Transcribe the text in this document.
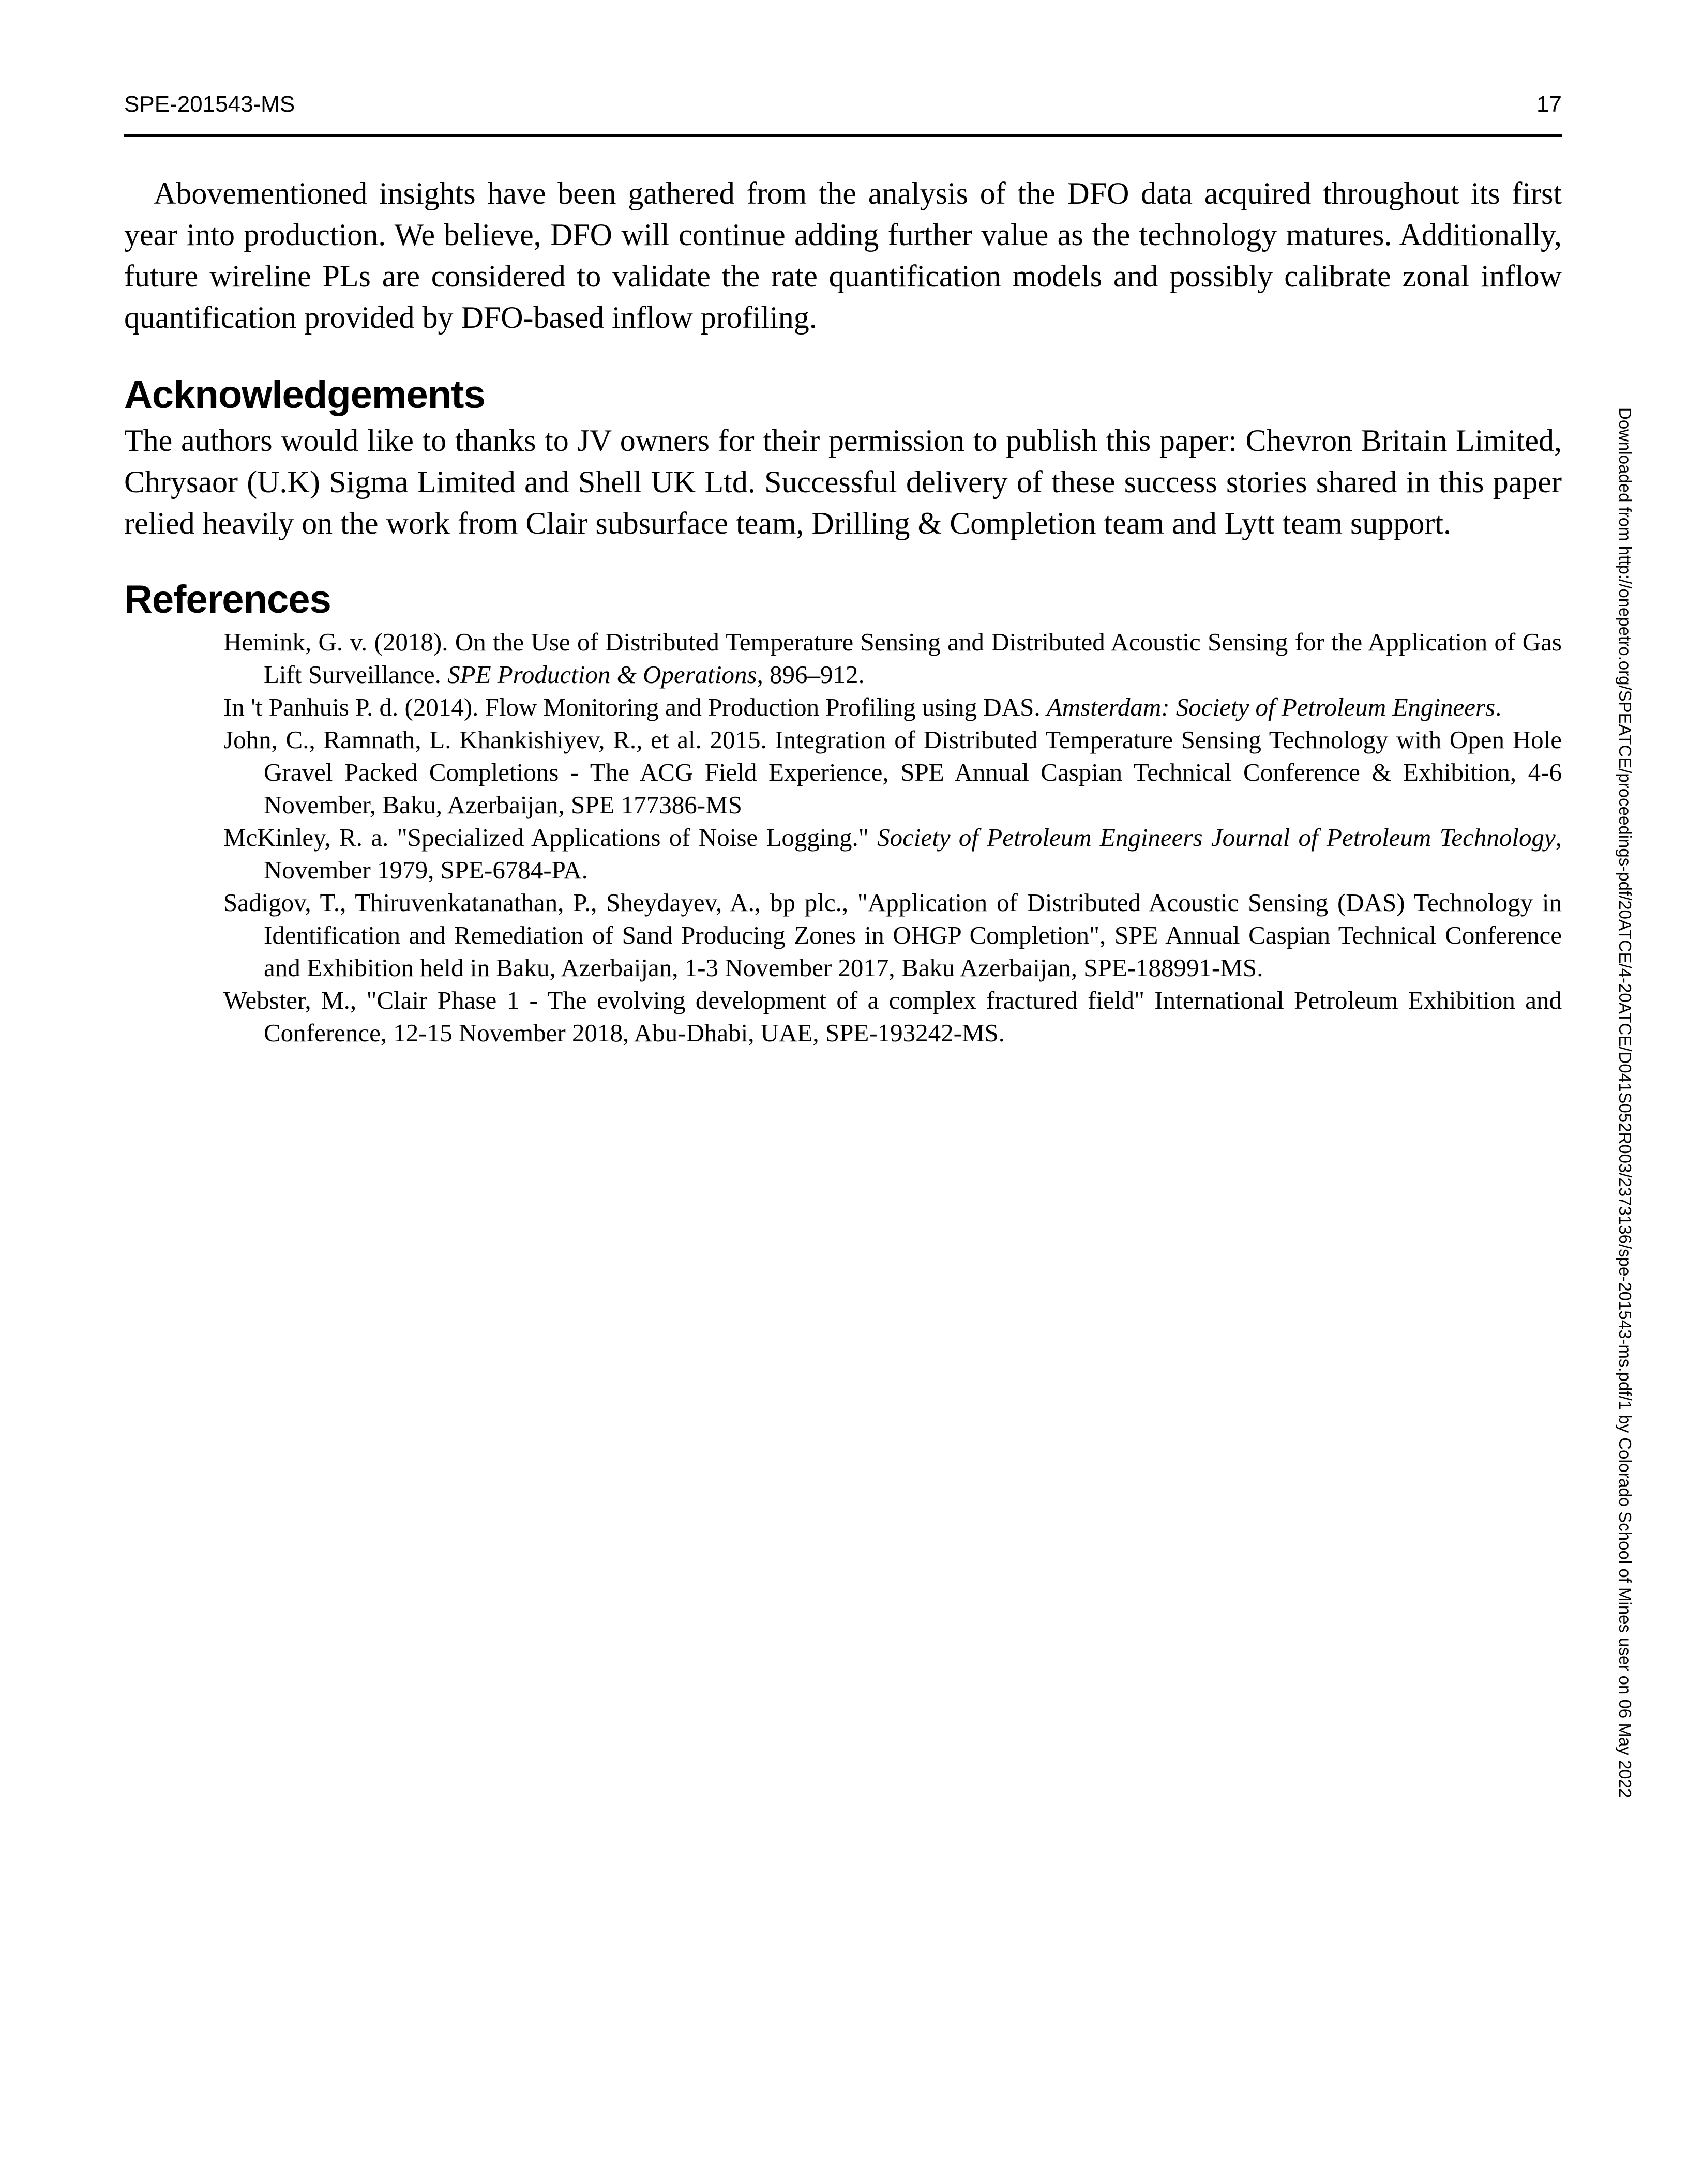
SPE-201543-MS	17

Abovementioned insights have been gathered from the analysis of the DFO data acquired throughout its first year into production. We believe, DFO will continue adding further value as the technology matures. Additionally, future wireline PLs are considered to validate the rate quantification models and possibly calibrate zonal inflow quantification provided by DFO-based inflow profiling.

Acknowledgements

The authors would like to thanks to JV owners for their permission to publish this paper: Chevron Britain Limited, Chrysaor (U.K) Sigma Limited and Shell UK Ltd. Successful delivery of these success stories shared in this paper relied heavily on the work from Clair subsurface team, Drilling & Completion team and Lytt team support.

References

Hemink, G. v. (2018). On the Use of Distributed Temperature Sensing and Distributed Acoustic Sensing for the Application of Gas Lift Surveillance. SPE Production & Operations, 896–912.

In 't Panhuis P. d. (2014). Flow Monitoring and Production Profiling using DAS. Amsterdam: Society of Petroleum Engineers.

John, C., Ramnath, L. Khankishiyev, R., et al. 2015. Integration of Distributed Temperature Sensing Technology with Open Hole Gravel Packed Completions - The ACG Field Experience, SPE Annual Caspian Technical Conference & Exhibition, 4-6 November, Baku, Azerbaijan, SPE 177386-MS

McKinley, R. a. "Specialized Applications of Noise Logging." Society of Petroleum Engineers Journal of Petroleum Technology, November 1979, SPE-6784-PA.

Sadigov, T., Thiruvenkatanathan, P., Sheydayev, A., bp plc., "Application of Distributed Acoustic Sensing (DAS) Technology in Identification and Remediation of Sand Producing Zones in OHGP Completion", SPE Annual Caspian Technical Conference and Exhibition held in Baku, Azerbaijan, 1-3 November 2017, Baku Azerbaijan, SPE-188991-MS.

Webster, M., "Clair Phase 1 - The evolving development of a complex fractured field" International Petroleum Exhibition and Conference, 12-15 November 2018, Abu-Dhabi, UAE, SPE-193242-MS.	Downloaded from http://onepetro.org/SPEATCE/proceedings-pdf/20ATCE/4-20ATCE/D041S052R003/2373136/spe-201543-ms.pdf/1 by Colorado School of Mines user on 06 May 2022
